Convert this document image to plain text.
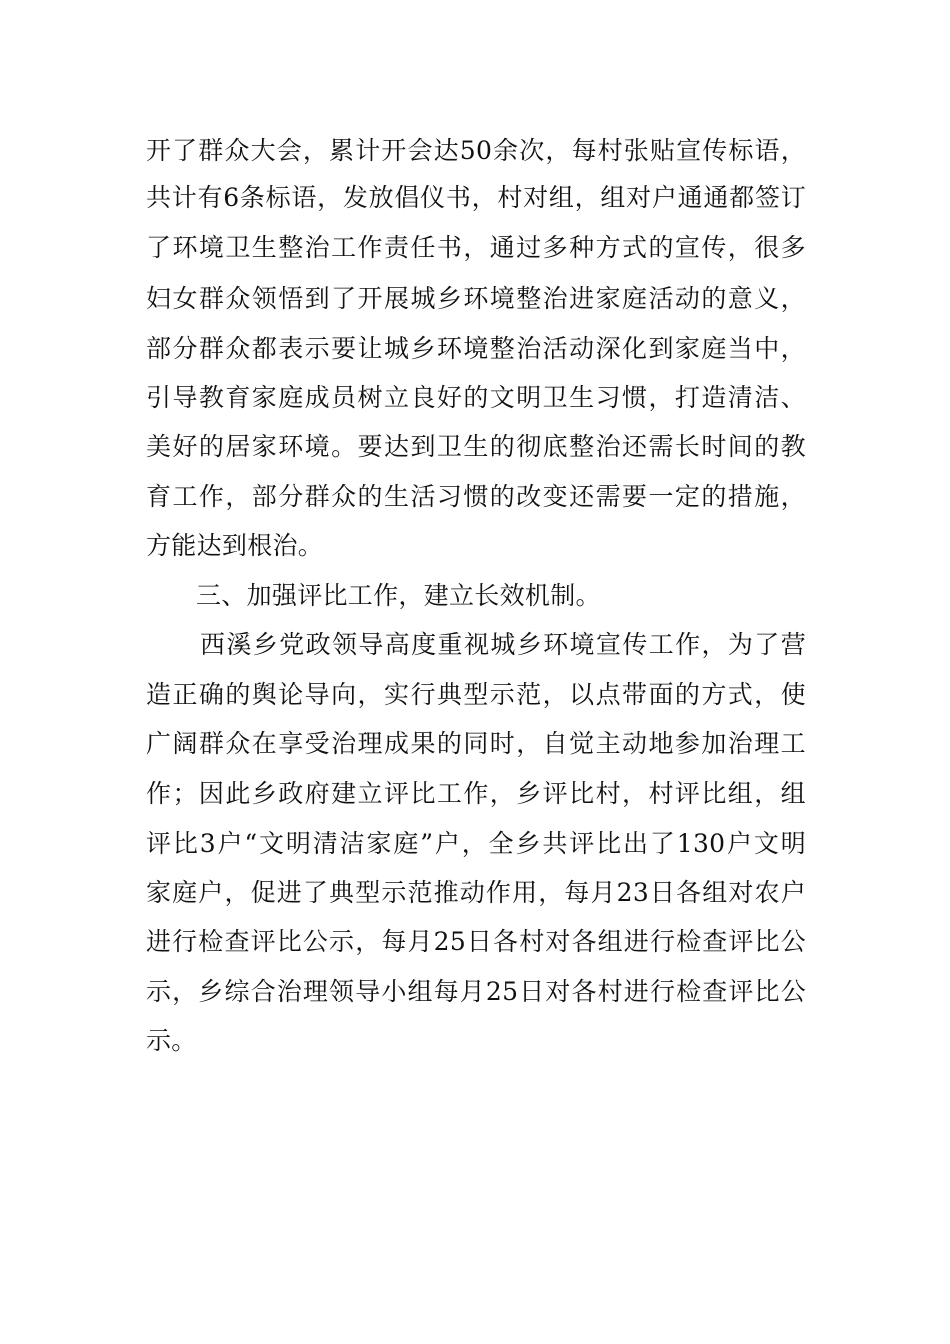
开了群众大会，累计开会达50余次，每村张贴宣传标语，
共计有6条标语，发放倡仪书，村对组，组对户通通都签订
了环境卫生整治工作责任书，通过多种方式的宣传，很多
妇女群众领悟到了开展城乡环境整治进家庭活动的意义，
部分群众都表示要让城乡环境整治活动深化到家庭当中，
引导教育家庭成员树立良好的文明卫生习惯，打造清洁、
美好的居家环境。要达到卫生的彻底整治还需长时间的教
育工作，部分群众的生活习惯的改变还需要一定的措施，
方能达到根治。
三、加强评比工作，建立长效机制。
西溪乡党政领导高度重视城乡环境宣传工作，为了营
造正确的舆论导向，实行典型示范，以点带面的方式，使
广阔群众在享受治理成果的同时，自觉主动地参加治理工
作；因此乡政府建立评比工作，乡评比村，村评比组，组
评比3户“文明清洁家庭”户，全乡共评比出了130户文明
家庭户，促进了典型示范推动作用，每月23日各组对农户
进行检查评比公示，每月25日各村对各组进行检查评比公
示，乡综合治理领导小组每月25日对各村进行检查评比公
示。
